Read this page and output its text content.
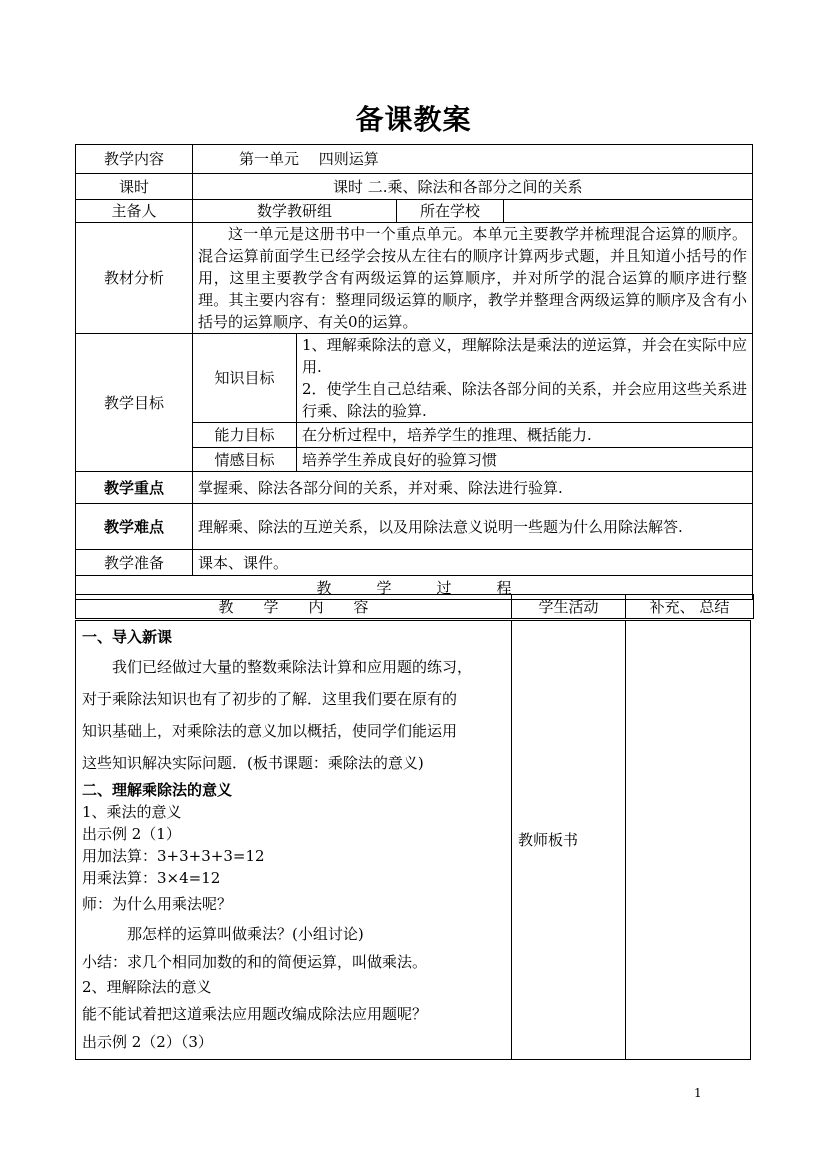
备课教案
教学内容	第一单元　 四则运算			
课时	课时 二.乘、除法和各部分之间的关系			
主备人	数学教研组		所在学校	
教材分析	这一单元是这册书中一个重点单元。本单元主要教学并梳理混合运算的顺序。混合运算前面学生已经学会按从左往右的顺序计算两步式题，并且知道小括号的作用，这里主要教学含有两级运算的运算顺序，并对所学的混合运算的顺序进行整理。其主要内容有：整理同级运算的顺序，教学并整理含两级运算的顺序及含有小括号的运算顺序、有关0的运算。			
教学目标	知识目标	1、理解乘除法的意义，理解除法是乘法的逆运算，并会在实际中应用.
2．使学生自己总结乘、除法各部分间的关系，并会应用这些关系进行乘、除法的验算.		

	能力目标	在分析过程中，培养学生的推理、概括能力.		
	情感目标	培养学生养成良好的验算习惯		
教学重点	掌握乘、除法各部分间的关系，并对乘、除法进行验算.			
教学难点	理解乘、除法的互逆关系，以及用除法意义说明一些题为什么用除法解答.			
教学准备	课本、课件。			
教　　　学　　　过　　　程				
教　　学　　内　　容	学生活动	补充、 总结

一、导入新课

我们已经做过大量的整数乘除法计算和应用题的练习，

对于乘除法知识也有了初步的了解．这里我们要在原有的

知识基础上，对乘除法的意义加以概括，使同学们能运用

这些知识解决实际问题．(板书课题：乘除法的意义)

二、理解乘除法的意义

1、乘法的意义

出示例 2（1）

用加法算：3+3+3+3=12

用乘法算：3×4=12

师：为什么用乘法呢？

那怎样的运算叫做乘法？(小组讨论)

小结：求几个相同加数的和的简便运算，叫做乘法。

2、理解除法的意义

能不能试着把这道乘法应用题改编成除法应用题呢？

出示例 2（2）（3）

	教师板书	
1
